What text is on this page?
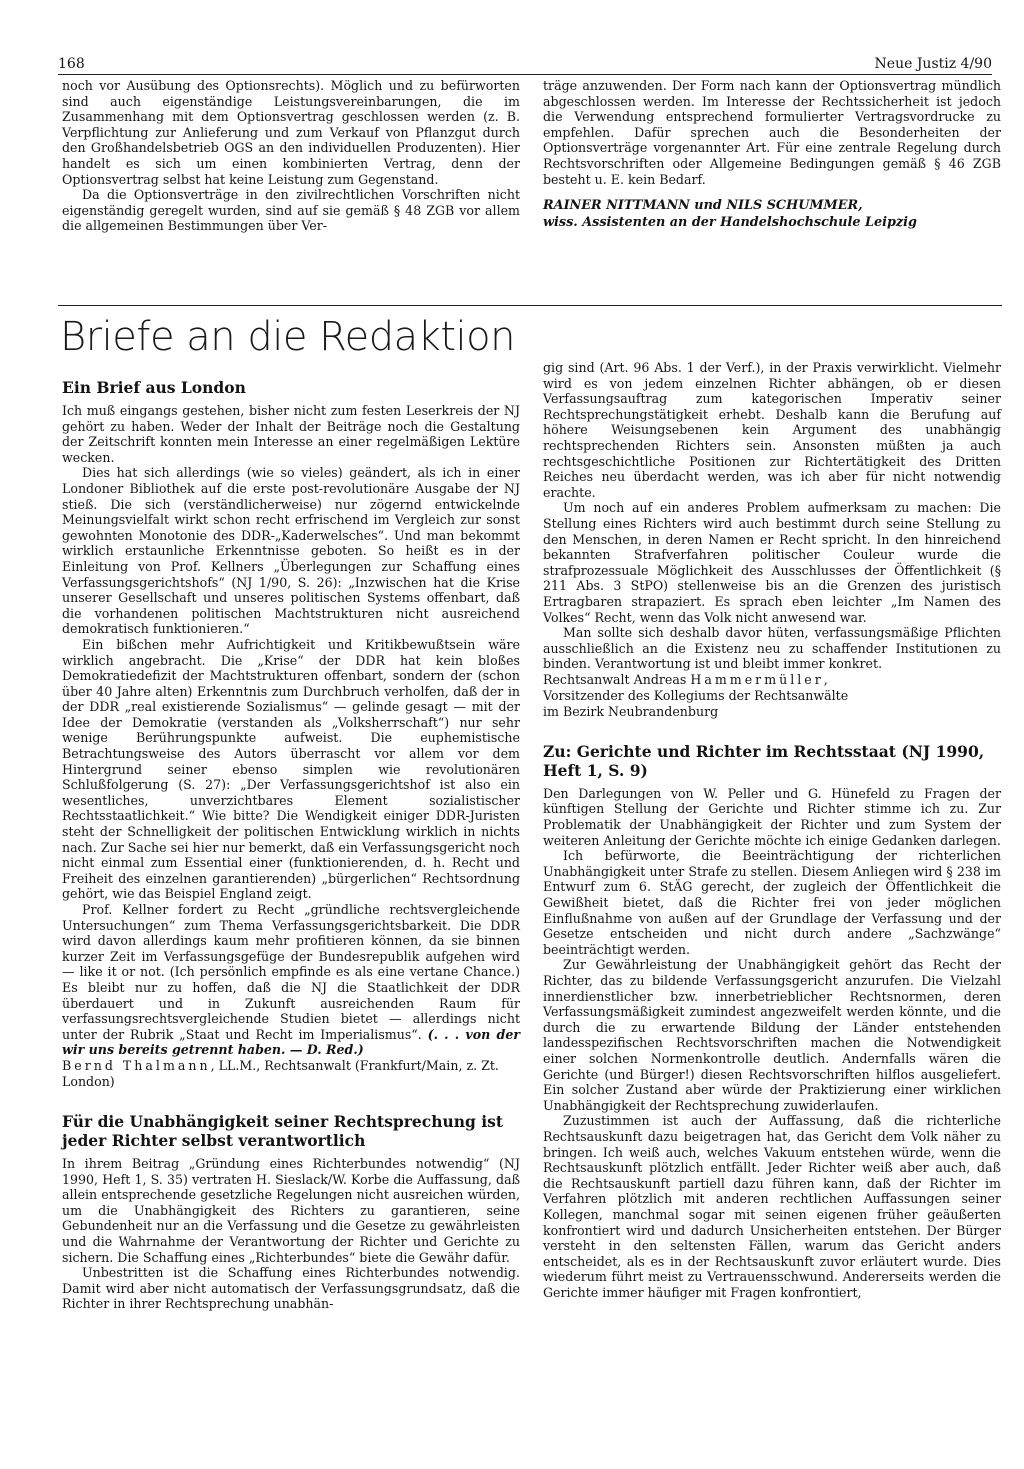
168	Neue Justiz 4/90

noch vor Ausübung des Optionsrechts). Möglich und zu befürworten sind auch eigenständige Leistungsvereinbarungen, die im Zusammenhang mit dem Optionsvertrag geschlossen werden (z. B. Verpflichtung zur Anlieferung und zum Verkauf von Pflanzgut durch den Großhandelsbetrieb OGS an den individuellen Produzenten). Hier handelt es sich um einen kombinierten Vertrag, denn der Optionsvertrag selbst hat keine Leistung zum Gegenstand.

Da die Optionsverträge in den zivilrechtlichen Vorschriften nicht eigenständig geregelt wurden, sind auf sie gemäß § 48 ZGB vor allem die allgemeinen Bestimmungen über Ver-

träge anzuwenden. Der Form nach kann der Optionsvertrag mündlich abgeschlossen werden. Im Interesse der Rechtssicherheit ist jedoch die Verwendung entsprechend formulierter Vertragsvordrucke zu empfehlen. Dafür sprechen auch die Besonderheiten der Optionsverträge vorgenannter Art. Für eine zentrale Regelung durch Rechtsvorschriften oder Allgemeine Bedingungen gemäß § 46 ZGB besteht u. E. kein Bedarf.

RAINER NITTMANN und NILS SCHUMMER,
wiss. Assistenten an der Handelshochschule Leipzig
Briefe an die Redaktion
Ein Brief aus London

Ich muß eingangs gestehen, bisher nicht zum festen Leserkreis der NJ gehört zu haben. Weder der Inhalt der Beiträge noch die Gestaltung der Zeitschrift konnten mein Interesse an einer regelmäßigen Lektüre wecken.

Dies hat sich allerdings (wie so vieles) geändert, als ich in einer Londoner Bibliothek auf die erste post-revolutionäre Ausgabe der NJ stieß. Die sich (verständlicherweise) nur zögernd entwickelnde Meinungsvielfalt wirkt schon recht erfrischend im Vergleich zur sonst gewohnten Monotonie des DDR-„Kaderwelsches“. Und man bekommt wirklich erstaunliche Erkenntnisse geboten. So heißt es in der Einleitung von Prof. Kellners „Überlegungen zur Schaffung eines Verfassungsgerichtshofs“ (NJ 1/90, S. 26): „Inzwischen hat die Krise unserer Gesellschaft und unseres politischen Systems offenbart, daß die vorhandenen politischen Machtstrukturen nicht ausreichend demokratisch funktionieren.“

Ein bißchen mehr Aufrichtigkeit und Kritikbewußtsein wäre wirklich angebracht. Die „Krise“ der DDR hat kein bloßes Demokratiedefizit der Machtstrukturen offenbart, sondern der (schon über 40 Jahre alten) Erkenntnis zum Durchbruch verholfen, daß der in der DDR „real existierende Sozialismus“ — gelinde gesagt — mit der Idee der Demokratie (verstanden als „Volksherrschaft“) nur sehr wenige Berührungspunkte aufweist. Die euphemistische Betrachtungsweise des Autors überrascht vor allem vor dem Hintergrund seiner ebenso simplen wie revolutionären Schlußfolgerung (S. 27): „Der Verfassungsgerichtshof ist also ein wesentliches, unverzichtbares Element sozialistischer Rechtsstaatlichkeit.“ Wie bitte? Die Wendigkeit einiger DDR-Juristen steht der Schnelligkeit der politischen Entwicklung wirklich in nichts nach. Zur Sache sei hier nur bemerkt, daß ein Verfassungsgericht noch nicht einmal zum Essential einer (funktionierenden, d. h. Recht und Freiheit des einzelnen garantierenden) „bürgerlichen“ Rechtsordnung gehört, wie das Beispiel England zeigt.

Prof. Kellner fordert zu Recht „gründliche rechtsvergleichende Untersuchungen“ zum Thema Verfassungsgerichtsbarkeit. Die DDR wird davon allerdings kaum mehr profitieren können, da sie binnen kurzer Zeit im Verfassungsgefüge der Bundesrepublik aufgehen wird — like it or not. (Ich persönlich empfinde es als eine vertane Chance.) Es bleibt nur zu hoffen, daß die NJ die Staatlichkeit der DDR überdauert und in Zukunft ausreichenden Raum für verfassungsrechtsvergleichende Studien bietet — allerdings nicht unter der Rubrik „Staat und Recht im Imperialismus“. (. . . von der wir uns bereits getrennt haben. — D. Red.)

Bernd Thalmann, LL.M., Rechtsanwalt (Frankfurt/Main, z. Zt. London)

Für die Unabhängigkeit seiner Rechtsprechung ist jeder Richter selbst verantwortlich

In ihrem Beitrag „Gründung eines Richterbundes notwendig“ (NJ 1990, Heft 1, S. 35) vertraten H. Sieslack/W. Korbe die Auffassung, daß allein entsprechende gesetzliche Regelungen nicht ausreichen würden, um die Unabhängigkeit des Richters zu garantieren, seine Gebundenheit nur an die Verfassung und die Gesetze zu gewährleisten und die Wahrnahme der Verantwortung der Richter und Gerichte zu sichern. Die Schaffung eines „Richterbundes“ biete die Gewähr dafür.

Unbestritten ist die Schaffung eines Richterbundes notwendig. Damit wird aber nicht automatisch der Verfassungsgrundsatz, daß die Richter in ihrer Rechtsprechung unabhän-

gig sind (Art. 96 Abs. 1 der Verf.), in der Praxis verwirklicht. Vielmehr wird es von jedem einzelnen Richter abhängen, ob er diesen Verfassungsauftrag zum kategorischen Imperativ seiner Rechtsprechungstätigkeit erhebt. Deshalb kann die Berufung auf höhere Weisungsebenen kein Argument des unabhängig rechtsprechenden Richters sein. Ansonsten müßten ja auch rechtsgeschichtliche Positionen zur Richtertätigkeit des Dritten Reiches neu überdacht werden, was ich aber für nicht notwendig erachte.

Um noch auf ein anderes Problem aufmerksam zu machen: Die Stellung eines Richters wird auch bestimmt durch seine Stellung zu den Menschen, in deren Namen er Recht spricht. In den hinreichend bekannten Strafverfahren politischer Couleur wurde die strafprozessuale Möglichkeit des Ausschlusses der Öffentlichkeit (§ 211 Abs. 3 StPO) stellenweise bis an die Grenzen des juristisch Ertragbaren strapaziert. Es sprach eben leichter „Im Namen des Volkes“ Recht, wenn das Volk nicht anwesend war.

Man sollte sich deshalb davor hüten, verfassungsmäßige Pflichten ausschließlich an die Existenz neu zu schaffender Institutionen zu binden. Verantwortung ist und bleibt immer konkret.

Rechtsanwalt Andreas Hammermüller,
Vorsitzender des Kollegiums der Rechtsanwälte
im Bezirk Neubrandenburg

Zu: Gerichte und Richter im Rechtsstaat (NJ 1990, Heft 1, S. 9)

Den Darlegungen von W. Peller und G. Hünefeld zu Fragen der künftigen Stellung der Gerichte und Richter stimme ich zu. Zur Problematik der Unabhängigkeit der Richter und zum System der weiteren Anleitung der Gerichte möchte ich einige Gedanken darlegen.

Ich befürworte, die Beeinträchtigung der richterlichen Unabhängigkeit unter Strafe zu stellen. Diesem Anliegen wird § 238 im Entwurf zum 6. StÄG gerecht, der zugleich der Öffentlichkeit die Gewißheit bietet, daß die Richter frei von jeder möglichen Einflußnahme von außen auf der Grundlage der Verfassung und der Gesetze entscheiden und nicht durch andere „Sachzwänge“ beeinträchtigt werden.

Zur Gewährleistung der Unabhängigkeit gehört das Recht der Richter, das zu bildende Verfassungsgericht anzurufen. Die Vielzahl innerdienstlicher bzw. innerbetrieblicher Rechtsnormen, deren Verfassungsmäßigkeit zumindest angezweifelt werden könnte, und die durch die zu erwartende Bildung der Länder entstehenden landesspezifischen Rechtsvorschriften machen die Notwendigkeit einer solchen Normenkontrolle deutlich. Andernfalls wären die Gerichte (und Bürger!) diesen Rechtsvorschriften hilflos ausgeliefert. Ein solcher Zustand aber würde der Praktizierung einer wirklichen Unabhängigkeit der Rechtsprechung zuwiderlaufen.

Zuzustimmen ist auch der Auffassung, daß die richterliche Rechtsauskunft dazu beigetragen hat, das Gericht dem Volk näher zu bringen. Ich weiß auch, welches Vakuum entstehen würde, wenn die Rechtsauskunft plötzlich entfällt. Jeder Richter weiß aber auch, daß die Rechtsauskunft partiell dazu führen kann, daß der Richter im Verfahren plötzlich mit anderen rechtlichen Auffassungen seiner Kollegen, manchmal sogar mit seinen eigenen früher geäußerten konfrontiert wird und dadurch Unsicherheiten entstehen. Der Bürger versteht in den seltensten Fällen, warum das Gericht anders entscheidet, als es in der Rechtsauskunft zuvor erläutert wurde. Dies wiederum führt meist zu Vertrauensschwund. Andererseits werden die Gerichte immer häufiger mit Fragen konfrontiert,
